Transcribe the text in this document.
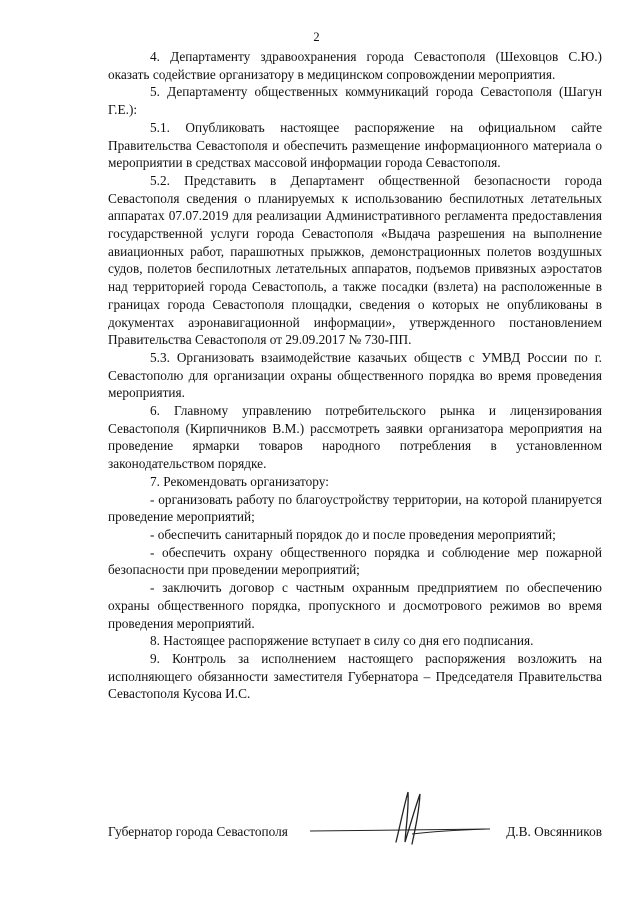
2

4. Департаменту здравоохранения города Севастополя (Шеховцов С.Ю.) оказать содействие организатору в медицинском сопровождении мероприятия.

5. Департаменту общественных коммуникаций города Севастополя (Шагун Г.Е.):

5.1. Опубликовать настоящее распоряжение на официальном сайте Правительства Севастополя и обеспечить размещение информационного материала о мероприятии в средствах массовой информации города Севастополя.

5.2. Представить в Департамент общественной безопасности города Севастополя сведения о планируемых к использованию беспилотных летательных аппаратах 07.07.2019 для реализации Административного регламента предоставления государственной услуги города Севастополя «Выдача разрешения на выполнение авиационных работ, парашютных прыжков, демонстрационных полетов воздушных судов, полетов беспилотных летательных аппаратов, подъемов привязных аэростатов над территорией города Севастополь, а также посадки (взлета) на расположенные в границах города Севастополя площадки, сведения о которых не опубликованы в документах аэронавигационной информации», утвержденного постановлением Правительства Севастополя от 29.09.2017 № 730-ПП.

5.3. Организовать взаимодействие казачьих обществ с УМВД России по г. Севастополю для организации охраны общественного порядка во время проведения мероприятия.

6. Главному управлению потребительского рынка и лицензирования Севастополя (Кирпичников В.М.) рассмотреть заявки организатора мероприятия на проведение ярмарки товаров народного потребления в установленном законодательством порядке.

7. Рекомендовать организатору:

- организовать работу по благоустройству территории, на которой планируется проведение мероприятий;

- обеспечить санитарный порядок до и после проведения мероприятий;

- обеспечить охрану общественного порядка и соблюдение мер пожарной безопасности при проведении мероприятий;

- заключить договор с частным охранным предприятием по обеспечению охраны общественного порядка, пропускного и досмотрового режимов во время проведения мероприятий.

8. Настоящее распоряжение вступает в силу со дня его подписания.

9. Контроль за исполнением настоящего распоряжения возложить на исполняющего обязанности заместителя Губернатора – Председателя Правительства Севастополя Кусова И.С.

Губернатор города Севастополя	Д.В. Овсянников
